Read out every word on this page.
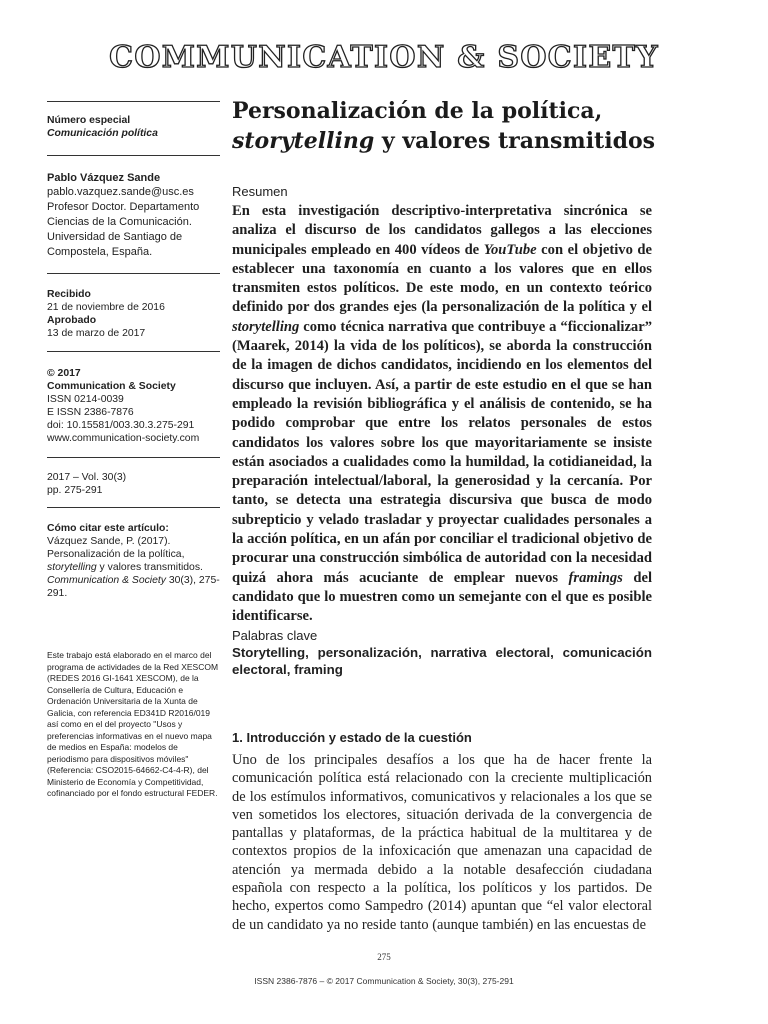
COMMUNICATION & SOCIETY
Número especial
Comunicación política
Pablo Vázquez Sande
pablo.vazquez.sande@usc.es
Profesor Doctor. Departamento Ciencias de la Comunicación. Universidad de Santiago de Compostela, España.
Recibido
21 de noviembre de 2016
Aprobado
13 de marzo de 2017
© 2017
Communication & Society
ISSN 0214-0039
E ISSN 2386-7876
doi: 10.15581/003.30.3.275-291
www.communication-society.com
2017 – Vol. 30(3)
pp. 275-291
Cómo citar este artículo:
Vázquez Sande, P. (2017). Personalización de la política, storytelling y valores transmitidos. Communication & Society 30(3), 275-291.
Este trabajo está elaborado en el marco del programa de actividades de la Red XESCOM (REDES 2016 GI-1641 XESCOM), de la Consellería de Cultura, Educación e Ordenación Universitaria de la Xunta de Galicia, con referencia ED341D R2016/019 así como en el del proyecto "Usos y preferencias informativas en el nuevo mapa de medios en España: modelos de periodismo para dispositivos móviles" (Referencia: CSO2015-64662-C4-4-R), del Ministerio de Economía y Competitividad, cofinanciado por el fondo estructural FEDER.
Personalización de la política,
storytelling y valores transmitidos
Resumen
En esta investigación descriptivo-interpretativa sincrónica se analiza el discurso de los candidatos gallegos a las elecciones municipales empleado en 400 vídeos de YouTube con el objetivo de establecer una taxonomía en cuanto a los valores que en ellos transmiten estos políticos. De este modo, en un contexto teórico definido por dos grandes ejes (la personalización de la política y el storytelling como técnica narrativa que contribuye a “ficcionalizar” (Maarek, 2014) la vida de los políticos), se aborda la construcción de la imagen de dichos candidatos, incidiendo en los elementos del discurso que incluyen. Así, a partir de este estudio en el que se han empleado la revisión bibliográfica y el análisis de contenido, se ha podido comprobar que entre los relatos personales de estos candidatos los valores sobre los que mayoritariamente se insiste están asociados a cualidades como la humildad, la cotidianeidad, la preparación intelectual/laboral, la generosidad y la cercanía. Por tanto, se detecta una estrategia discursiva que busca de modo subrepticio y velado trasladar y proyectar cualidades personales a la acción política, en un afán por conciliar el tradicional objetivo de procurar una construcción simbólica de autoridad con la necesidad quizá ahora más acuciante de emplear nuevos framings del candidato que lo muestren como un semejante con el que es posible identificarse.
Palabras clave
Storytelling, personalización, narrativa electoral, comunicación electoral, framing
1. Introducción y estado de la cuestión
Uno de los principales desafíos a los que ha de hacer frente la comunicación política está relacionado con la creciente multiplicación de los estímulos informativos, comunicativos y relacionales a los que se ven sometidos los electores, situación derivada de la convergencia de pantallas y plataformas, de la práctica habitual de la multitarea y de contextos propios de la infoxicación que amenazan una capacidad de atención ya mermada debido a la notable desafección ciudadana española con respecto a la política, los políticos y los partidos. De hecho, expertos como Sampedro (2014) apuntan que “el valor electoral de un candidato ya no reside tanto (aunque también) en las encuestas de
275
ISSN 2386-7876 – © 2017 Communication & Society, 30(3), 275-291
